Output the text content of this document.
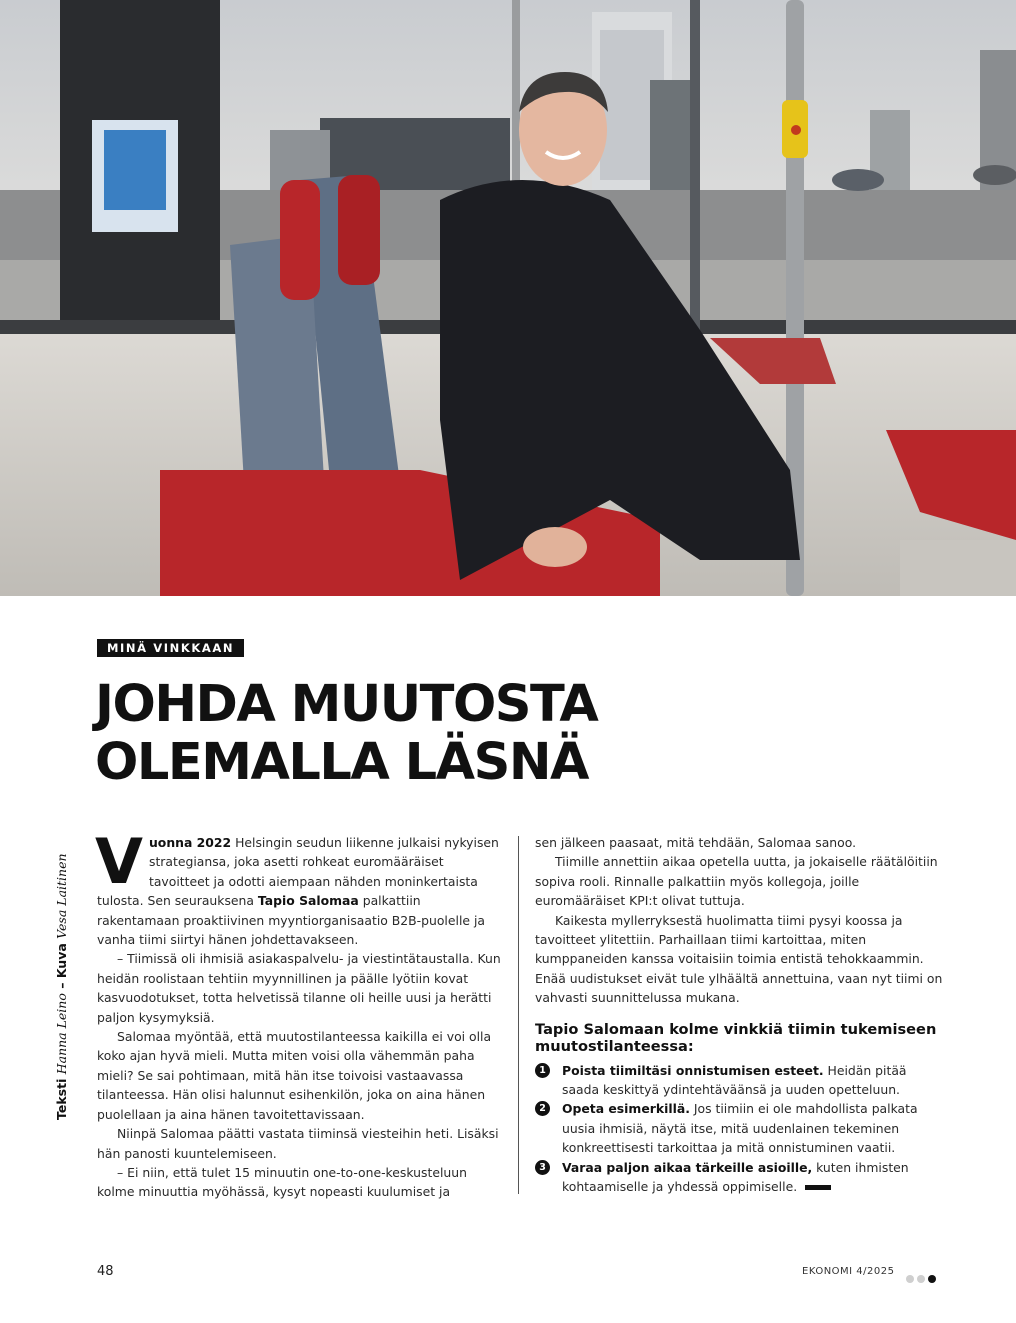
MINÄ VINKKAAN
JOHDA MUUTOSTA
OLEMALLA LÄSNÄ
Teksti Hanna Leino – Kuva Vesa Laitinen Vuonna 2022 Helsingin seudun liikenne julkaisi nykyisen strategiansa, joka asetti rohkeat euromääräiset tavoitteet ja odotti aiempaan nähden moninkertaista tulosta. Sen seurauksena Tapio Salomaa palkattiin rakentamaan proaktiivinen myyntiorganisaatio B2B-puolelle ja vanha tiimi siirtyi hänen johdettavakseen.

– Tiimissä oli ihmisiä asiakaspalvelu- ja viestintätaustalla. Kun heidän roolistaan tehtiin myynnillinen ja päälle lyötiin kovat kasvuodotukset, totta helvetissä tilanne oli heille uusi ja herätti paljon kysymyksiä.

Salomaa myöntää, että muutostilanteessa kaikilla ei voi olla koko ajan hyvä mieli. Mutta miten voisi olla vähemmän paha mieli? Se sai pohtimaan, mitä hän itse toivoisi vastaavassa tilanteessa. Hän olisi halunnut esihenkilön, joka on aina hänen puolellaan ja aina hänen tavoitettavissaan.

Niinpä Salomaa päätti vastata tiiminsä viesteihin heti. Lisäksi hän panosti kuuntelemiseen.

– Ei niin, että tulet 15 minuutin one-to-one-keskusteluun kolme minuuttia myöhässä, kysyt nopeasti kuulumiset ja

sen jälkeen paasaat, mitä tehdään, Salomaa sanoo.

Tiimille annettiin aikaa opetella uutta, ja jokaiselle räätälöitiin sopiva rooli. Rinnalle palkattiin myös kollegoja, joille euromääräiset KPI:t olivat tuttuja.

Kaikesta myllerryksestä huolimatta tiimi pysyi koossa ja tavoitteet ylitettiin. Parhaillaan tiimi kartoittaa, miten kumppaneiden kanssa voitaisiin toimia entistä tehokkaammin. Enää uudistukset eivät tule ylhäältä annettuina, vaan nyt tiimi on vahvasti suunnittelussa mukana.

Tapio Salomaan kolme vinkkiä tiimin tukemiseen muutostilanteessa:
1	Poista tiimiltäsi onnistumisen esteet. Heidän pitää saada keskittyä ydintehtäväänsä ja uuden opetteluun.
2	Opeta esimerkillä. Jos tiimiin ei ole mahdollista palkata uusia ihmisiä, näytä itse, mitä uudenlainen tekeminen konkreettisesti tarkoittaa ja mitä onnistuminen vaatii.
3	Varaa paljon aikaa tärkeille asioille, kuten ihmisten kohtaamiselle ja yhdessä oppimiselle.
48	EKONOMI 4/2025
